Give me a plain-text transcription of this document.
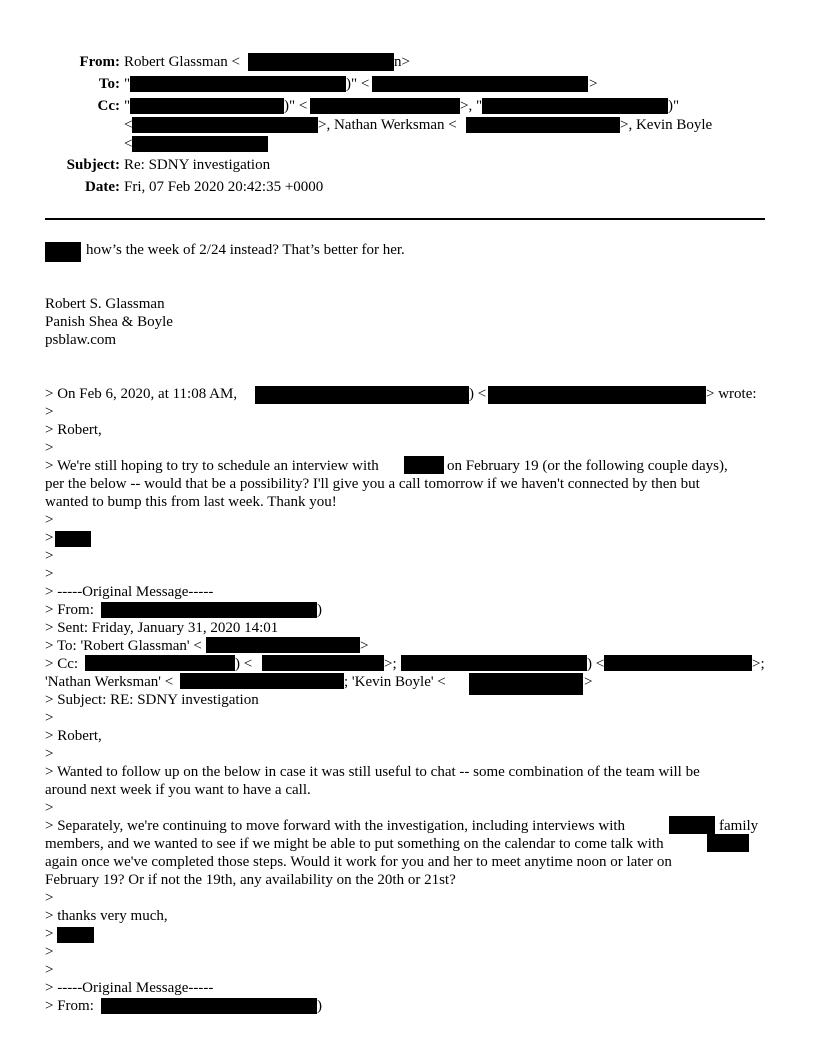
From: Robert Glassman <	n>
To: "	)" <	>
Cc: "	)" <	>, "	)"
<	>, Nathan Werksman <	>, Kevin Boyle
<
Subject: Re: SDNY investigation
Date: Fri, 07 Feb 2020 20:42:35 +0000
how’s the week of 2/24 instead? That’s better for her.
Robert S. Glassman
Panish Shea & Boyle
psblaw.com
> On Feb 6, 2020, at 11:08 AM,	) <	> wrote:
>
> Robert,
>
> We're still hoping to try to schedule an interview with	on February 19 (or the following couple days),
per the below -- would that be a possibility? I'll give you a call tomorrow if we haven't connected by then but
wanted to bump this from last week. Thank you!
>
>
>
>
> -----Original Message-----
> From:	)
> Sent: Friday, January 31, 2020 14:01
> To: 'Robert Glassman' <	>
> Cc:	) <	>;	) <	>;
'Nathan Werksman' <	; 'Kevin Boyle' <	>
> Subject: RE: SDNY investigation
>
> Robert,
>
> Wanted to follow up on the below in case it was still useful to chat -- some combination of the team will be
around next week if you want to have a call.
>
> Separately, we're continuing to move forward with the investigation, including interviews with	family
members, and we wanted to see if we might be able to put something on the calendar to come talk with
again once we've completed those steps. Would it work for you and her to meet anytime noon or later on
February 19? Or if not the 19th, any availability on the 20th or 21st?
>
> thanks very much,
>
>
>
> -----Original Message-----
> From:	)
